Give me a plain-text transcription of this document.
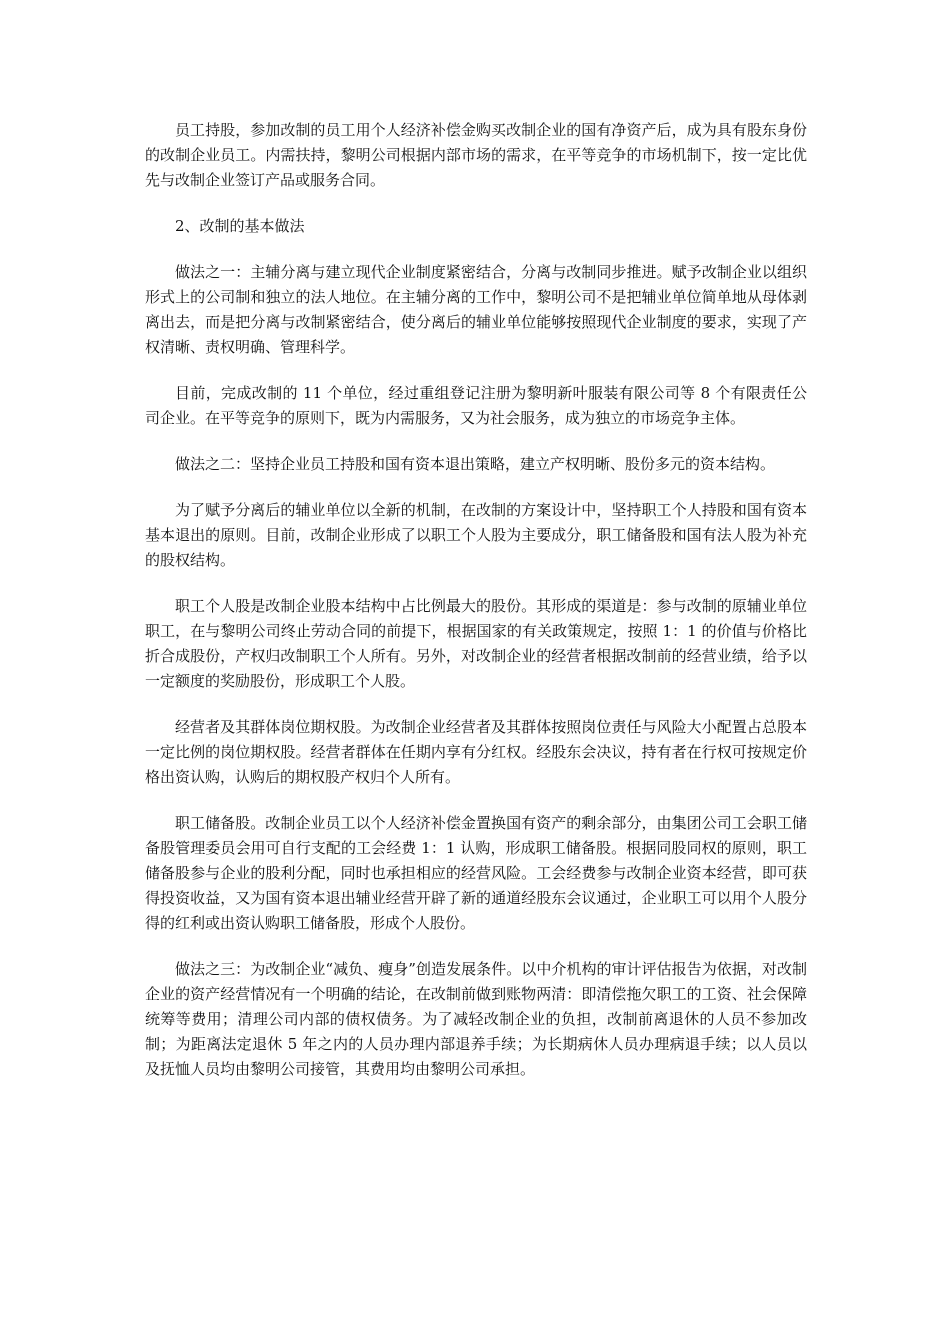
员工持股，参加改制的员工用个人经济补偿金购买改制企业的国有净资产后，成为具有股东身份的改制企业员工。内需扶持，黎明公司根据内部市场的需求，在平等竞争的市场机制下，按一定比优先与改制企业签订产品或服务合同。

2、改制的基本做法

做法之一：主辅分离与建立现代企业制度紧密结合，分离与改制同步推进。赋予改制企业以组织形式上的公司制和独立的法人地位。在主辅分离的工作中，黎明公司不是把辅业单位简单地从母体剥离出去，而是把分离与改制紧密结合，使分离后的辅业单位能够按照现代企业制度的要求，实现了产权清晰、责权明确、管理科学。

目前，完成改制的 11 个单位，经过重组登记注册为黎明新叶服装有限公司等 8 个有限责任公司企业。在平等竞争的原则下，既为内需服务，又为社会服务，成为独立的市场竞争主体。

做法之二：坚持企业员工持股和国有资本退出策略，建立产权明晰、股份多元的资本结构。

为了赋予分离后的辅业单位以全新的机制，在改制的方案设计中，坚持职工个人持股和国有资本基本退出的原则。目前，改制企业形成了以职工个人股为主要成分，职工储备股和国有法人股为补充的股权结构。

职工个人股是改制企业股本结构中占比例最大的股份。其形成的渠道是：参与改制的原辅业单位职工，在与黎明公司终止劳动合同的前提下，根据国家的有关政策规定，按照 1：1 的价值与价格比折合成股份，产权归改制职工个人所有。另外，对改制企业的经营者根据改制前的经营业绩，给予以一定额度的奖励股份，形成职工个人股。

经营者及其群体岗位期权股。为改制企业经营者及其群体按照岗位责任与风险大小配置占总股本一定比例的岗位期权股。经营者群体在任期内享有分红权。经股东会决议，持有者在行权可按规定价格出资认购，认购后的期权股产权归个人所有。

职工储备股。改制企业员工以个人经济补偿金置换国有资产的剩余部分，由集团公司工会职工储备股管理委员会用可自行支配的工会经费 1：1 认购，形成职工储备股。根据同股同权的原则，职工储备股参与企业的股利分配，同时也承担相应的经营风险。工会经费参与改制企业资本经营，即可获得投资收益，又为国有资本退出辅业经营开辟了新的通道经股东会议通过，企业职工可以用个人股分得的红利或出资认购职工储备股，形成个人股份。

做法之三：为改制企业“减负、瘦身”创造发展条件。以中介机构的审计评估报告为依据，对改制企业的资产经营情况有一个明确的结论，在改制前做到账物两清：即清偿拖欠职工的工资、社会保障统筹等费用；清理公司内部的债权债务。为了减轻改制企业的负担，改制前离退休的人员不参加改制；为距离法定退休 5 年之内的人员办理内部退养手续；为长期病休人员办理病退手续；以人员以及抚恤人员均由黎明公司接管，其费用均由黎明公司承担。
